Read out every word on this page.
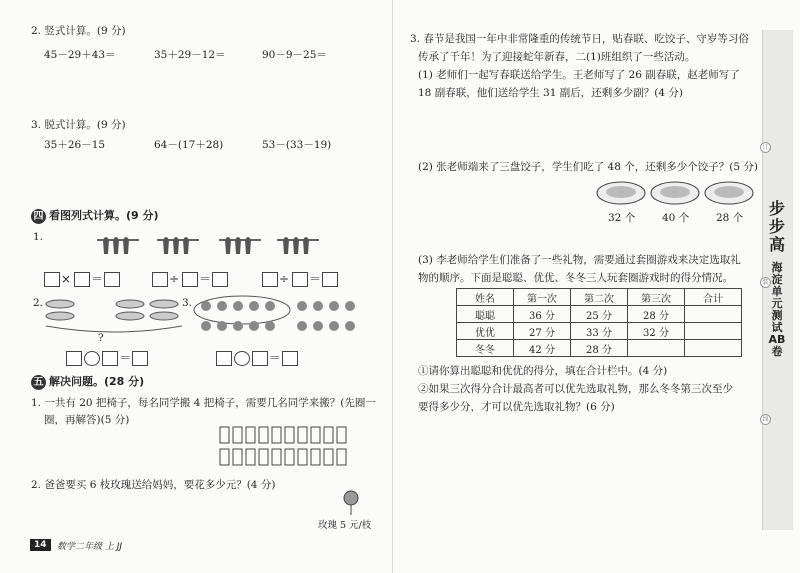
2. 竖式计算。(9 分)
45－29＋43＝	35＋29－12＝	90－9－25＝
3. 脱式计算。(9 分)
35＋26－15	64－(17＋28)	53－(33－19)
四 看图列式计算。(9 分)
1.
× ＝	÷ ＝	÷ ＝
2.
?
3.
＝	＝
五 解决问题。(28 分)
1. 一共有 20 把椅子，每名同学搬 4 把椅子，需要几名同学来搬？(先圈一
圈，再解答)(5 分)
2. 爸爸要买 6 枝玫瑰送给妈妈，要花多少元？(4 分)
玫瑰 5 元/枝
14	数学二年级 上 JJ
3. 春节是我国一年中非常隆重的传统节日，贴春联、吃饺子、守岁等习俗
传承了千年！为了迎接蛇年新春，二(1)班组织了一些活动。
(1) 老师们一起写春联送给学生。王老师写了 26 副春联，赵老师写了
18 副春联，他们送给学生 31 副后，还剩多少副？(4 分)
(2) 张老师端来了三盘饺子，学生们吃了 48 个，还剩多少个饺子？(5 分)
32 个	40 个	28 个
(3) 李老师给学生们准备了一些礼物，需要通过套圈游戏来决定选取礼
物的顺序。下面是聪聪、优优、冬冬三人玩套圈游戏时的得分情况。
姓名	第一次	第二次	第三次	合计
聪聪	36 分	25 分	28 分	
优优	27 分	33 分	32 分	
冬冬	42 分	28 分		
①请你算出聪聪和优优的得分，填在合计栏中。(4 分)
②如果三次得分合计最高者可以优先选取礼物，那么冬冬第三次至少
要得多少分，才可以优先选取礼物？(6 分)
订
装
线
步步高
海淀单元测试AB卷
